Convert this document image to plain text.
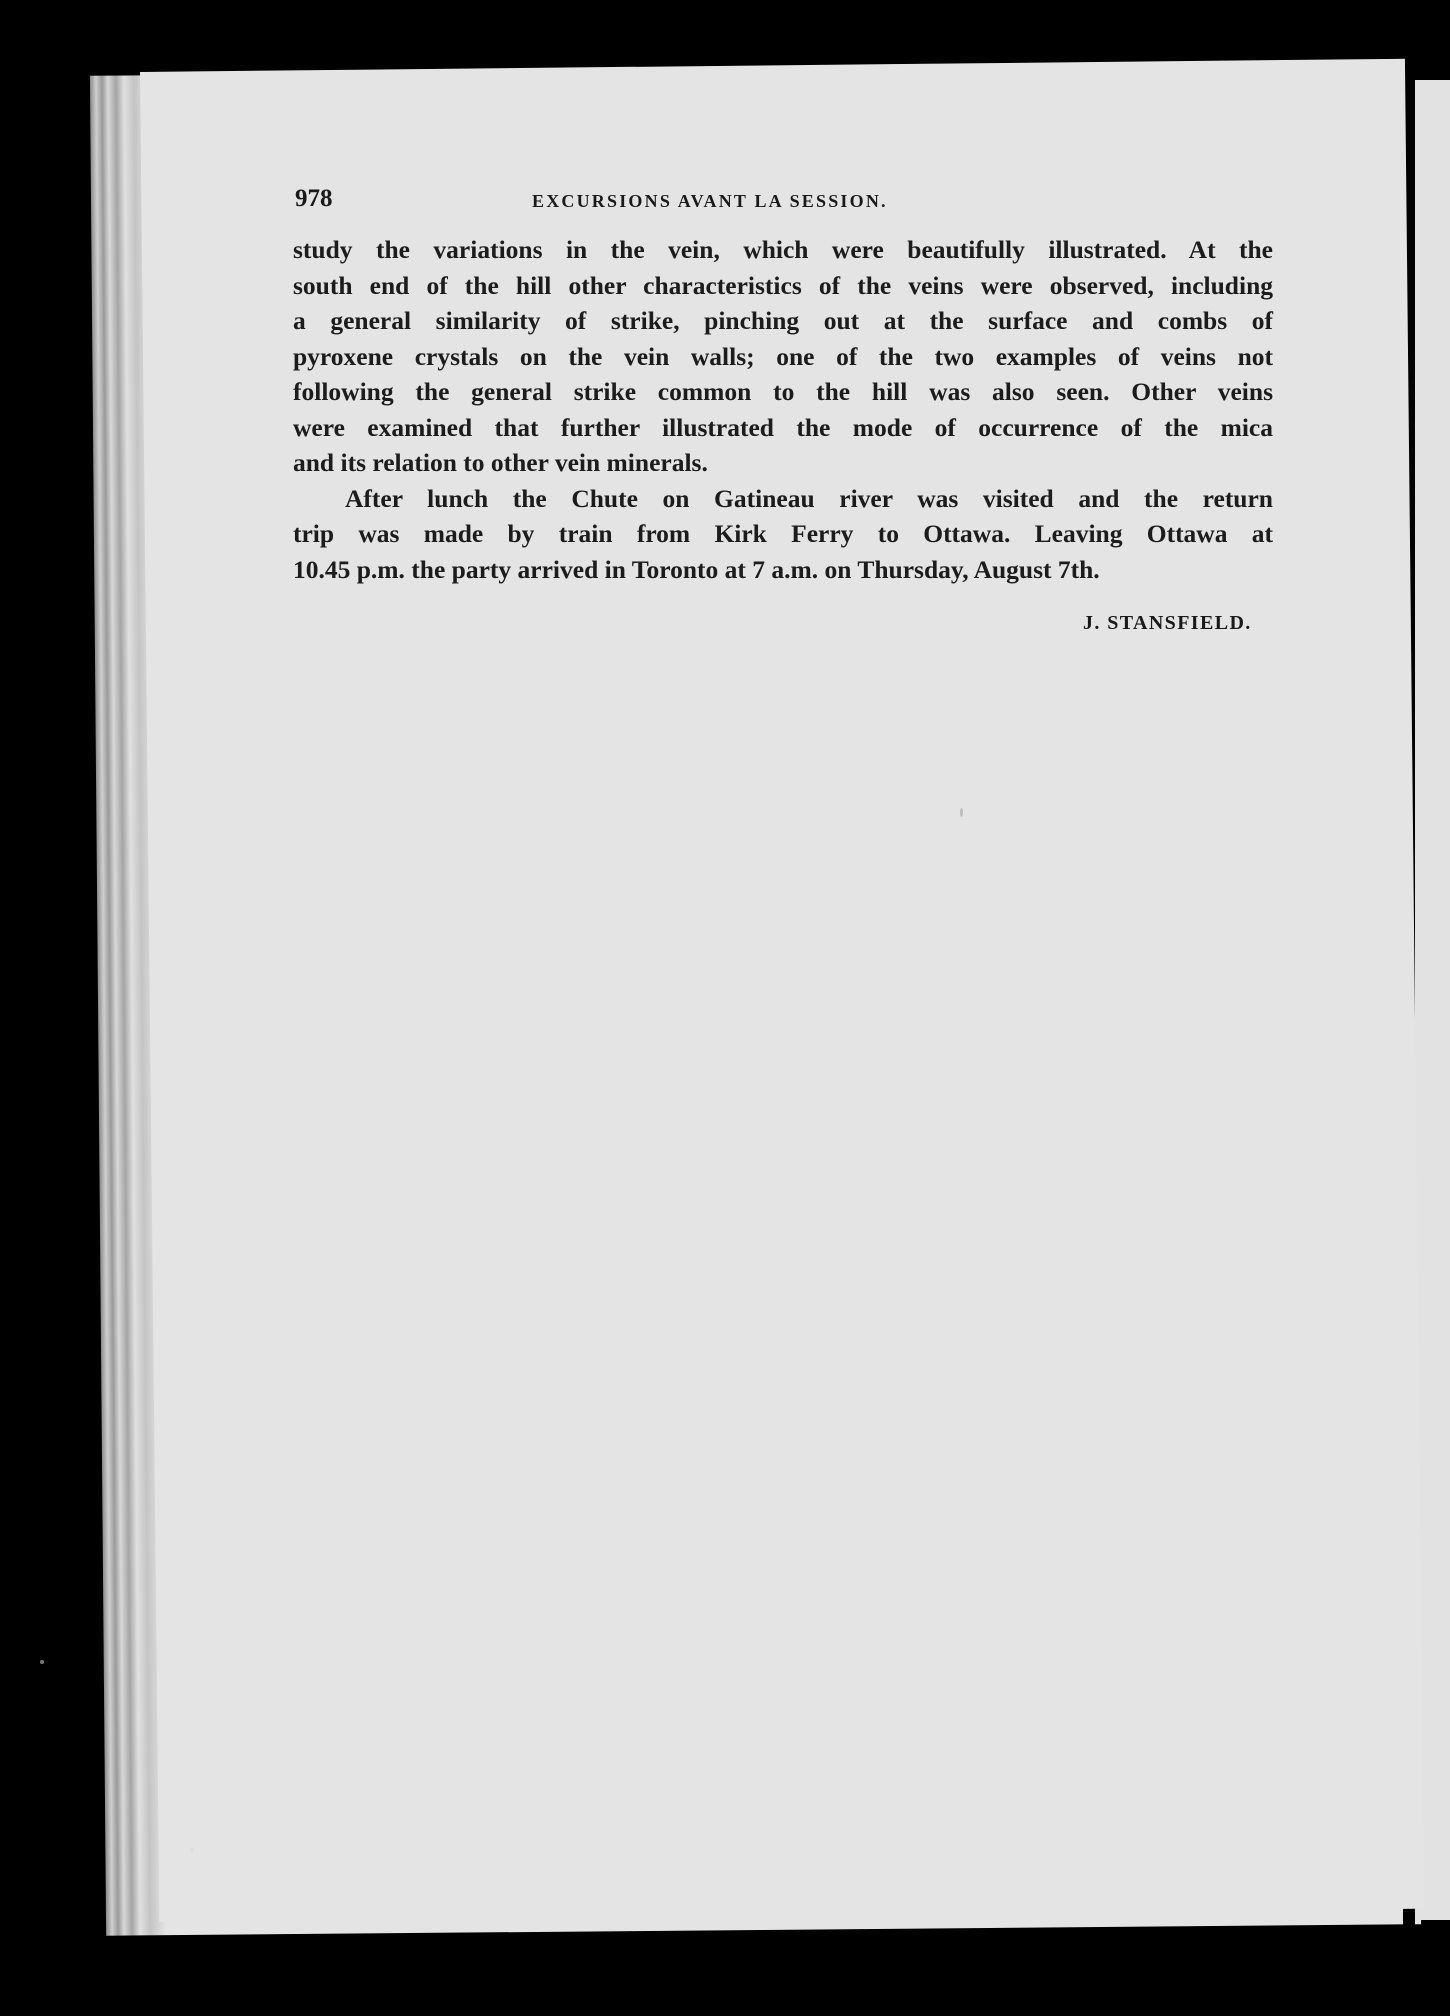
978	EXCURSIONS AVANT LA SESSION.

study the variations in the vein, which were beautifully illustrated. At the

south end of the hill other characteristics of the veins were observed, including

a general similarity of strike, pinching out at the surface and combs of

pyroxene crystals on the vein walls; one of the two examples of veins not

following the general strike common to the hill was also seen. Other veins

were examined that further illustrated the mode of occurrence of the mica

and its relation to other vein minerals.

After lunch the Chute on Gatineau river was visited and the return

trip was made by train from Kirk Ferry to Ottawa. Leaving Ottawa at

10.45 p.m. the party arrived in Toronto at 7 a.m. on Thursday, August 7th.

J. STANSFIELD.
